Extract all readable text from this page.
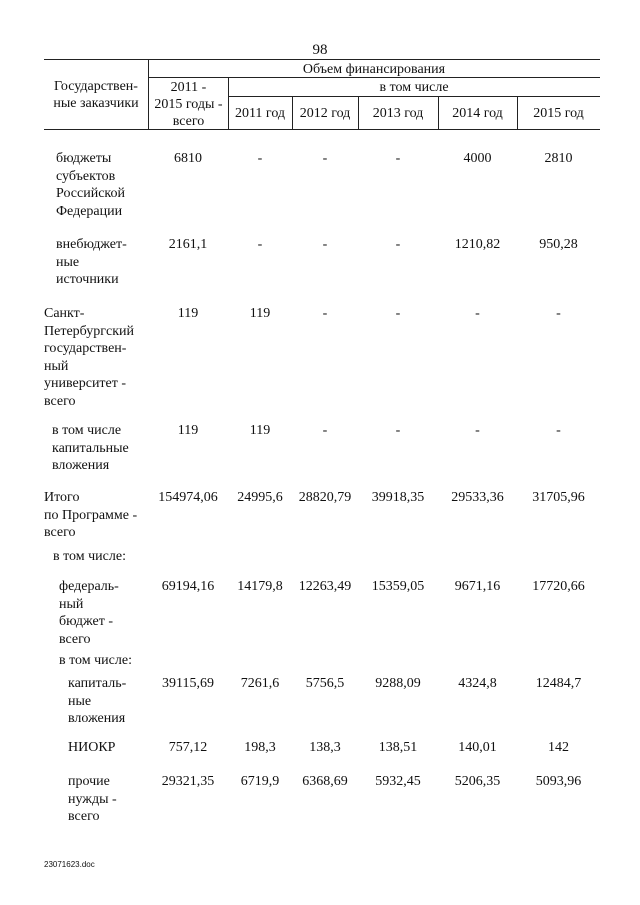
98
Государствен-
ные заказчики
Объем финансирования
2011 -
2015 годы -
всего
в том числе
2011 год	2012 год	2013 год	2014 год	2015 год
бюджеты
субъектов
Российской
Федерации
6810	-	-	-	4000	2810
внебюджет-
ные
источники
2161,1	-	-	-	1210,82	950,28
Санкт-
Петербургский
государствен-
ный
университет -
всего
119	119	-	-	-	-
в том числе
капитальные
вложения
119	119	-	-	-	-
Итого
по Программе -
всего
154974,06	24995,6	28820,79	39918,35	29533,36	31705,96
в том числе:
федераль-
ный
бюджет -
всего
69194,16	14179,8	12263,49	15359,05	9671,16	17720,66
в том числе:
капиталь-
ные
вложения
39115,69	7261,6	5756,5	9288,09	4324,8	12484,7
НИОКР	757,12	198,3	138,3	138,51	140,01	142
прочие
нужды -
всего
29321,35	6719,9	6368,69	5932,45	5206,35	5093,96
23071623.doc
